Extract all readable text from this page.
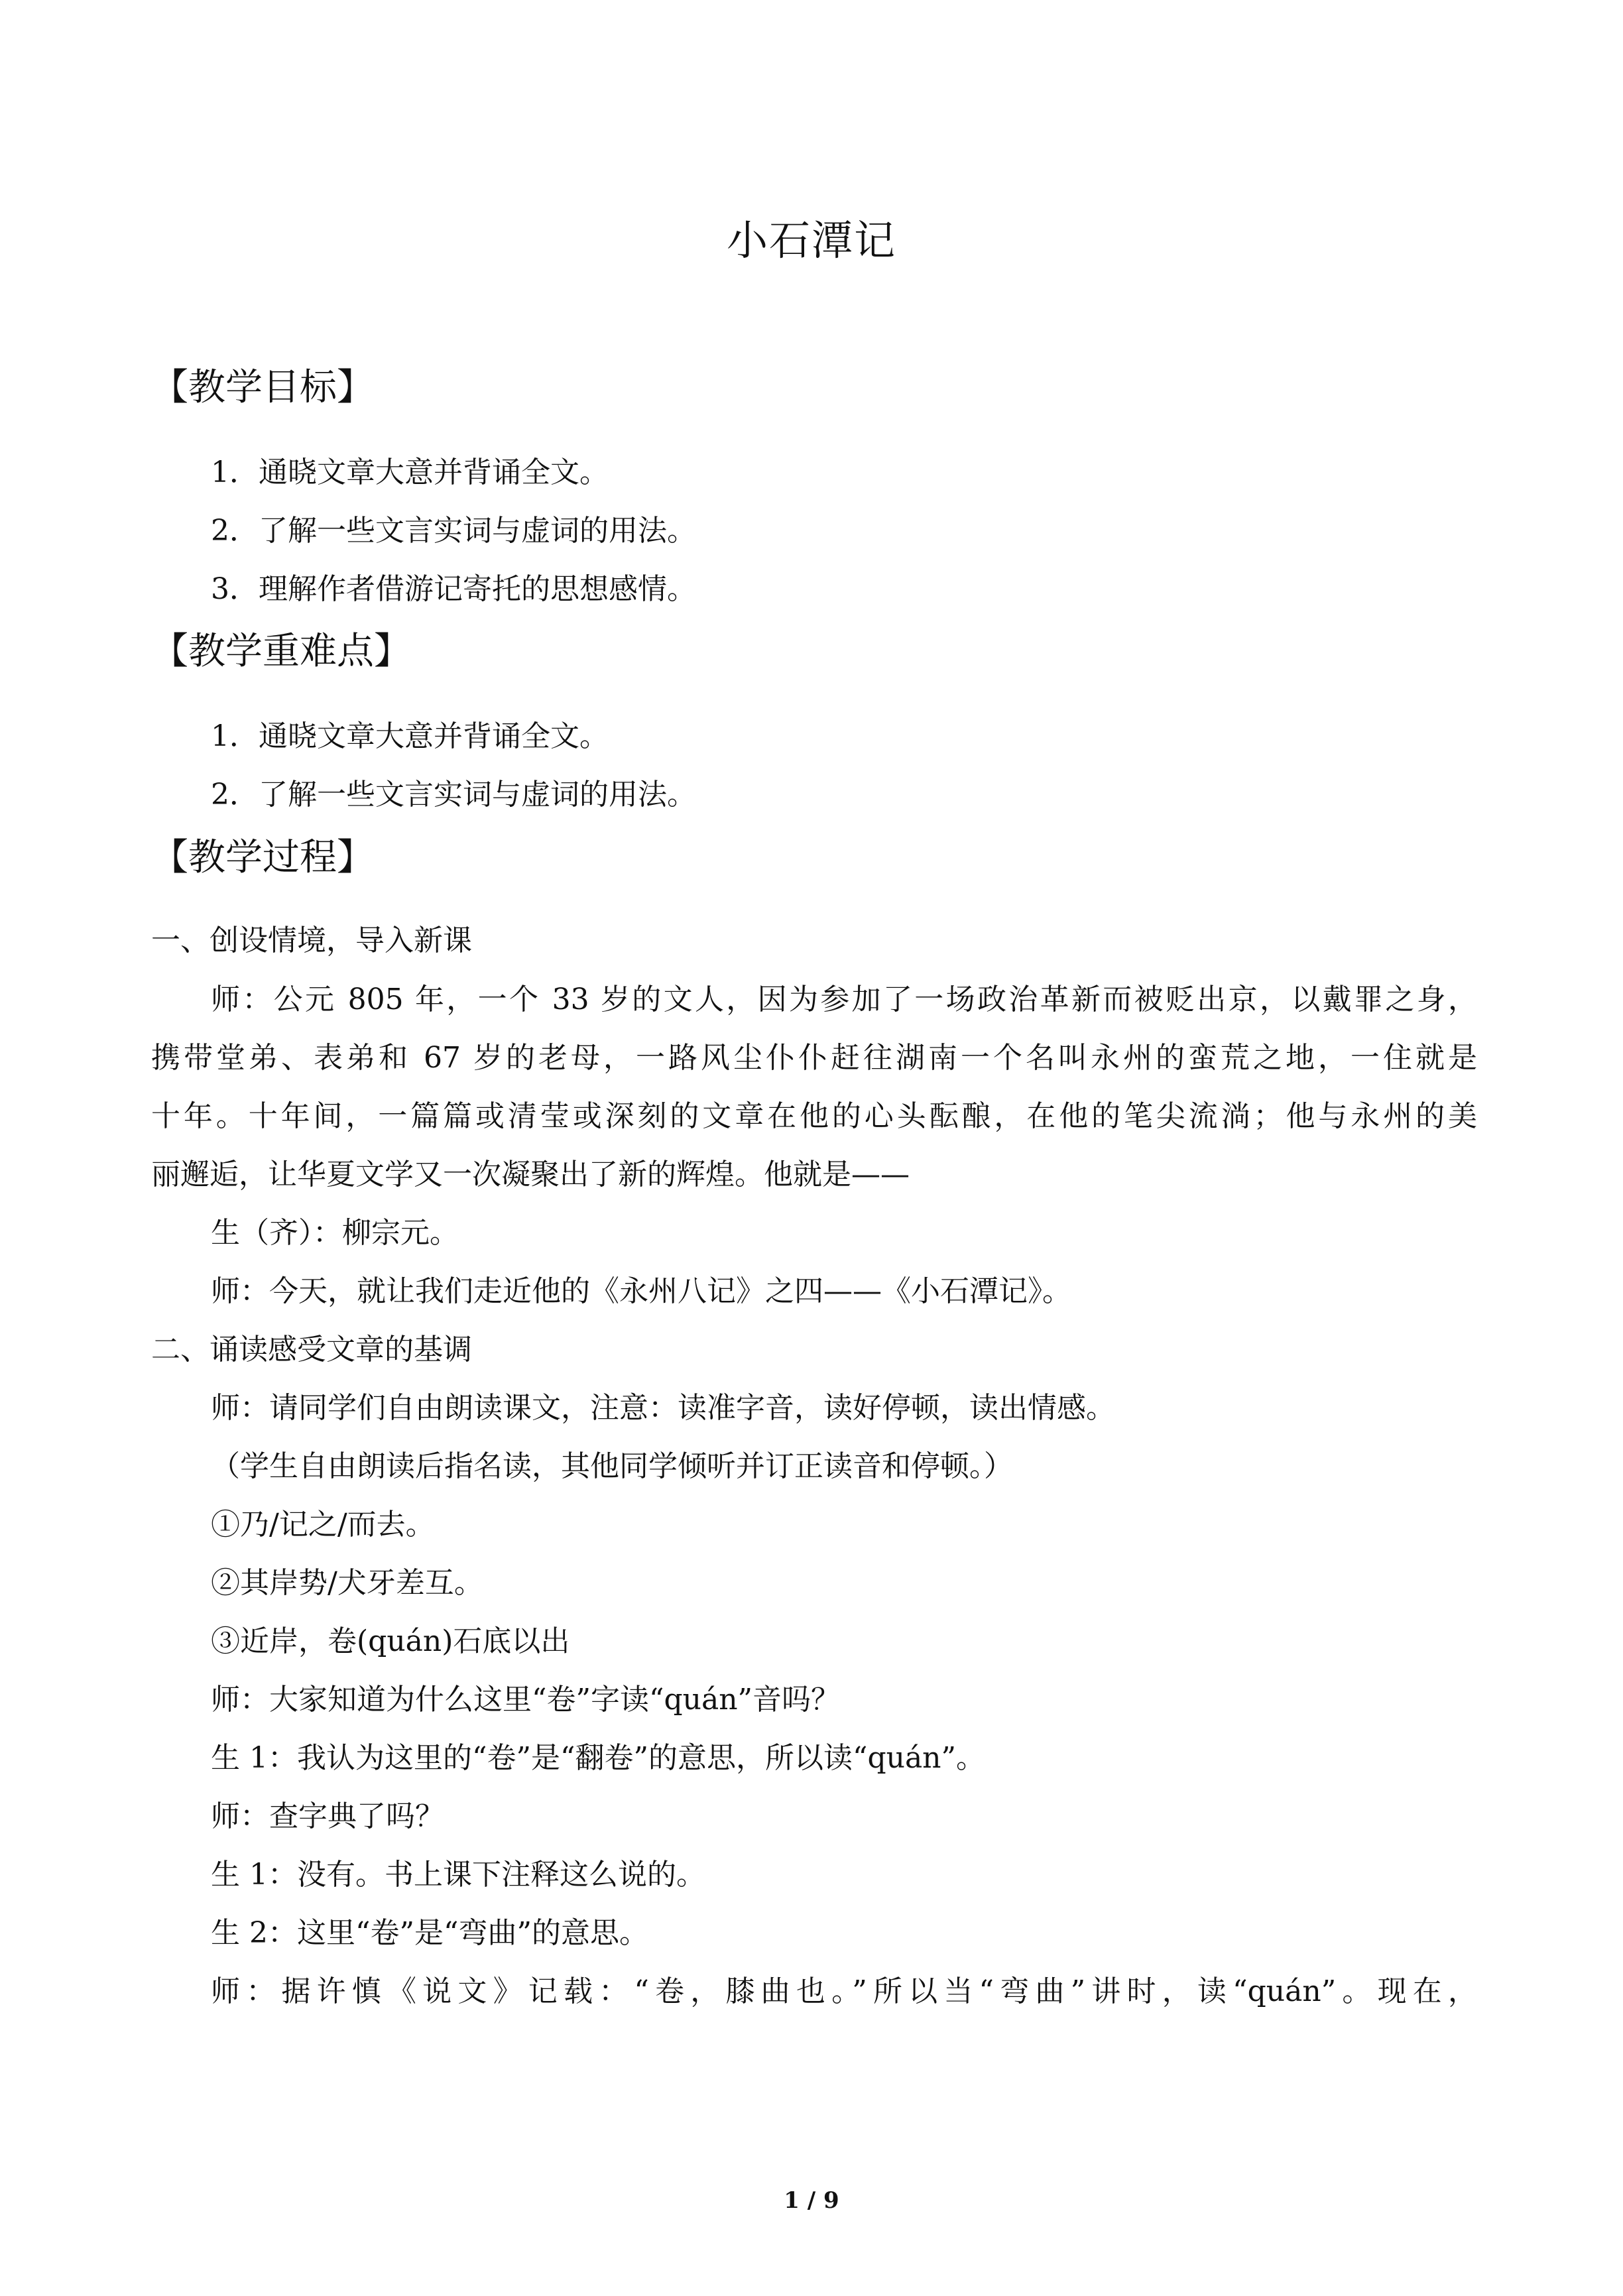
小石潭记
【教学目标】
1．通晓文章大意并背诵全文。
2．了解一些文言实词与虚词的用法。
3．理解作者借游记寄托的思想感情。
【教学重难点】
1．通晓文章大意并背诵全文。
2．了解一些文言实词与虚词的用法。
【教学过程】
一、创设情境，导入新课
师：公元 805 年，一个 33 岁的文人，因为参加了一场政治革新而被贬出京，以戴罪之身，
携带堂弟、表弟和 67 岁的老母，一路风尘仆仆赶往湖南一个名叫永州的蛮荒之地，一住就是
十年。十年间，一篇篇或清莹或深刻的文章在他的心头酝酿，在他的笔尖流淌；他与永州的美
丽邂逅，让华夏文学又一次凝聚出了新的辉煌。他就是——
生（齐）：柳宗元。
师：今天，就让我们走近他的《永州八记》之四——《小石潭记》。
二、诵读感受文章的基调
师：请同学们自由朗读课文，注意：读准字音，读好停顿，读出情感。
（学生自由朗读后指名读，其他同学倾听并订正读音和停顿。）
①乃/记之/而去。
②其岸势/犬牙差互。
③近岸，卷(quán)石底以出
师：大家知道为什么这里“卷”字读“quán”音吗？
生 1：我认为这里的“卷”是“翻卷”的意思，所以读“quán”。
师：查字典了吗？
生 1：没有。书上课下注释这么说的。
生 2：这里“卷”是“弯曲”的意思。
师：据许慎《说文》记载：“卷，膝曲也。”所以当“弯曲”讲时，读“quán”。现在，
1 / 9
